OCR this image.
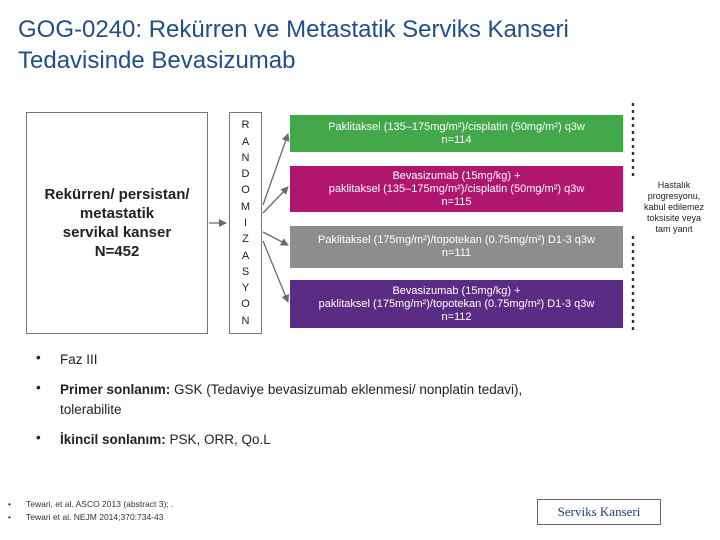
GOG-0240: Rekürren ve Metastatik Serviks Kanseri
Tedavisinde Bevasizumab
Rekürren/ persistan/
metastatik
servikal kanser
N=452
R
A
N
D
O
M
I
Z
A
S
Y
O
N
Paklitaksel (135–175mg/m²)/cisplatin (50mg/m²) q3w
n=114
Bevasizumab (15mg/kg) +
paklitaksel (135–175mg/m²)/cisplatin (50mg/m²) q3w
n=115
Paklitaksel (175mg/m²)/topotekan (0.75mg/m²) D1-3 q3w
n=111
Bevasizumab (15mg/kg) +
paklitaksel (175mg/m²)/topotekan (0.75mg/m²) D1-3 q3w
n=112
Hastalık
progresyonu,
kabul edilemez
toksisite veya
tam yanıt
• Faz III
• Primer sonlanım: GSK (Tedaviye bevasizumab eklenmesi/ nonplatin tedavi),
tolerabilite
• İkincil sonlanım: PSK, ORR, Qo.L
•	Tewari, et al. ASCO 2013 (abstract 3); .
•	Tewari et al. NEJM 2014;370:734-43	Serviks Kanseri
